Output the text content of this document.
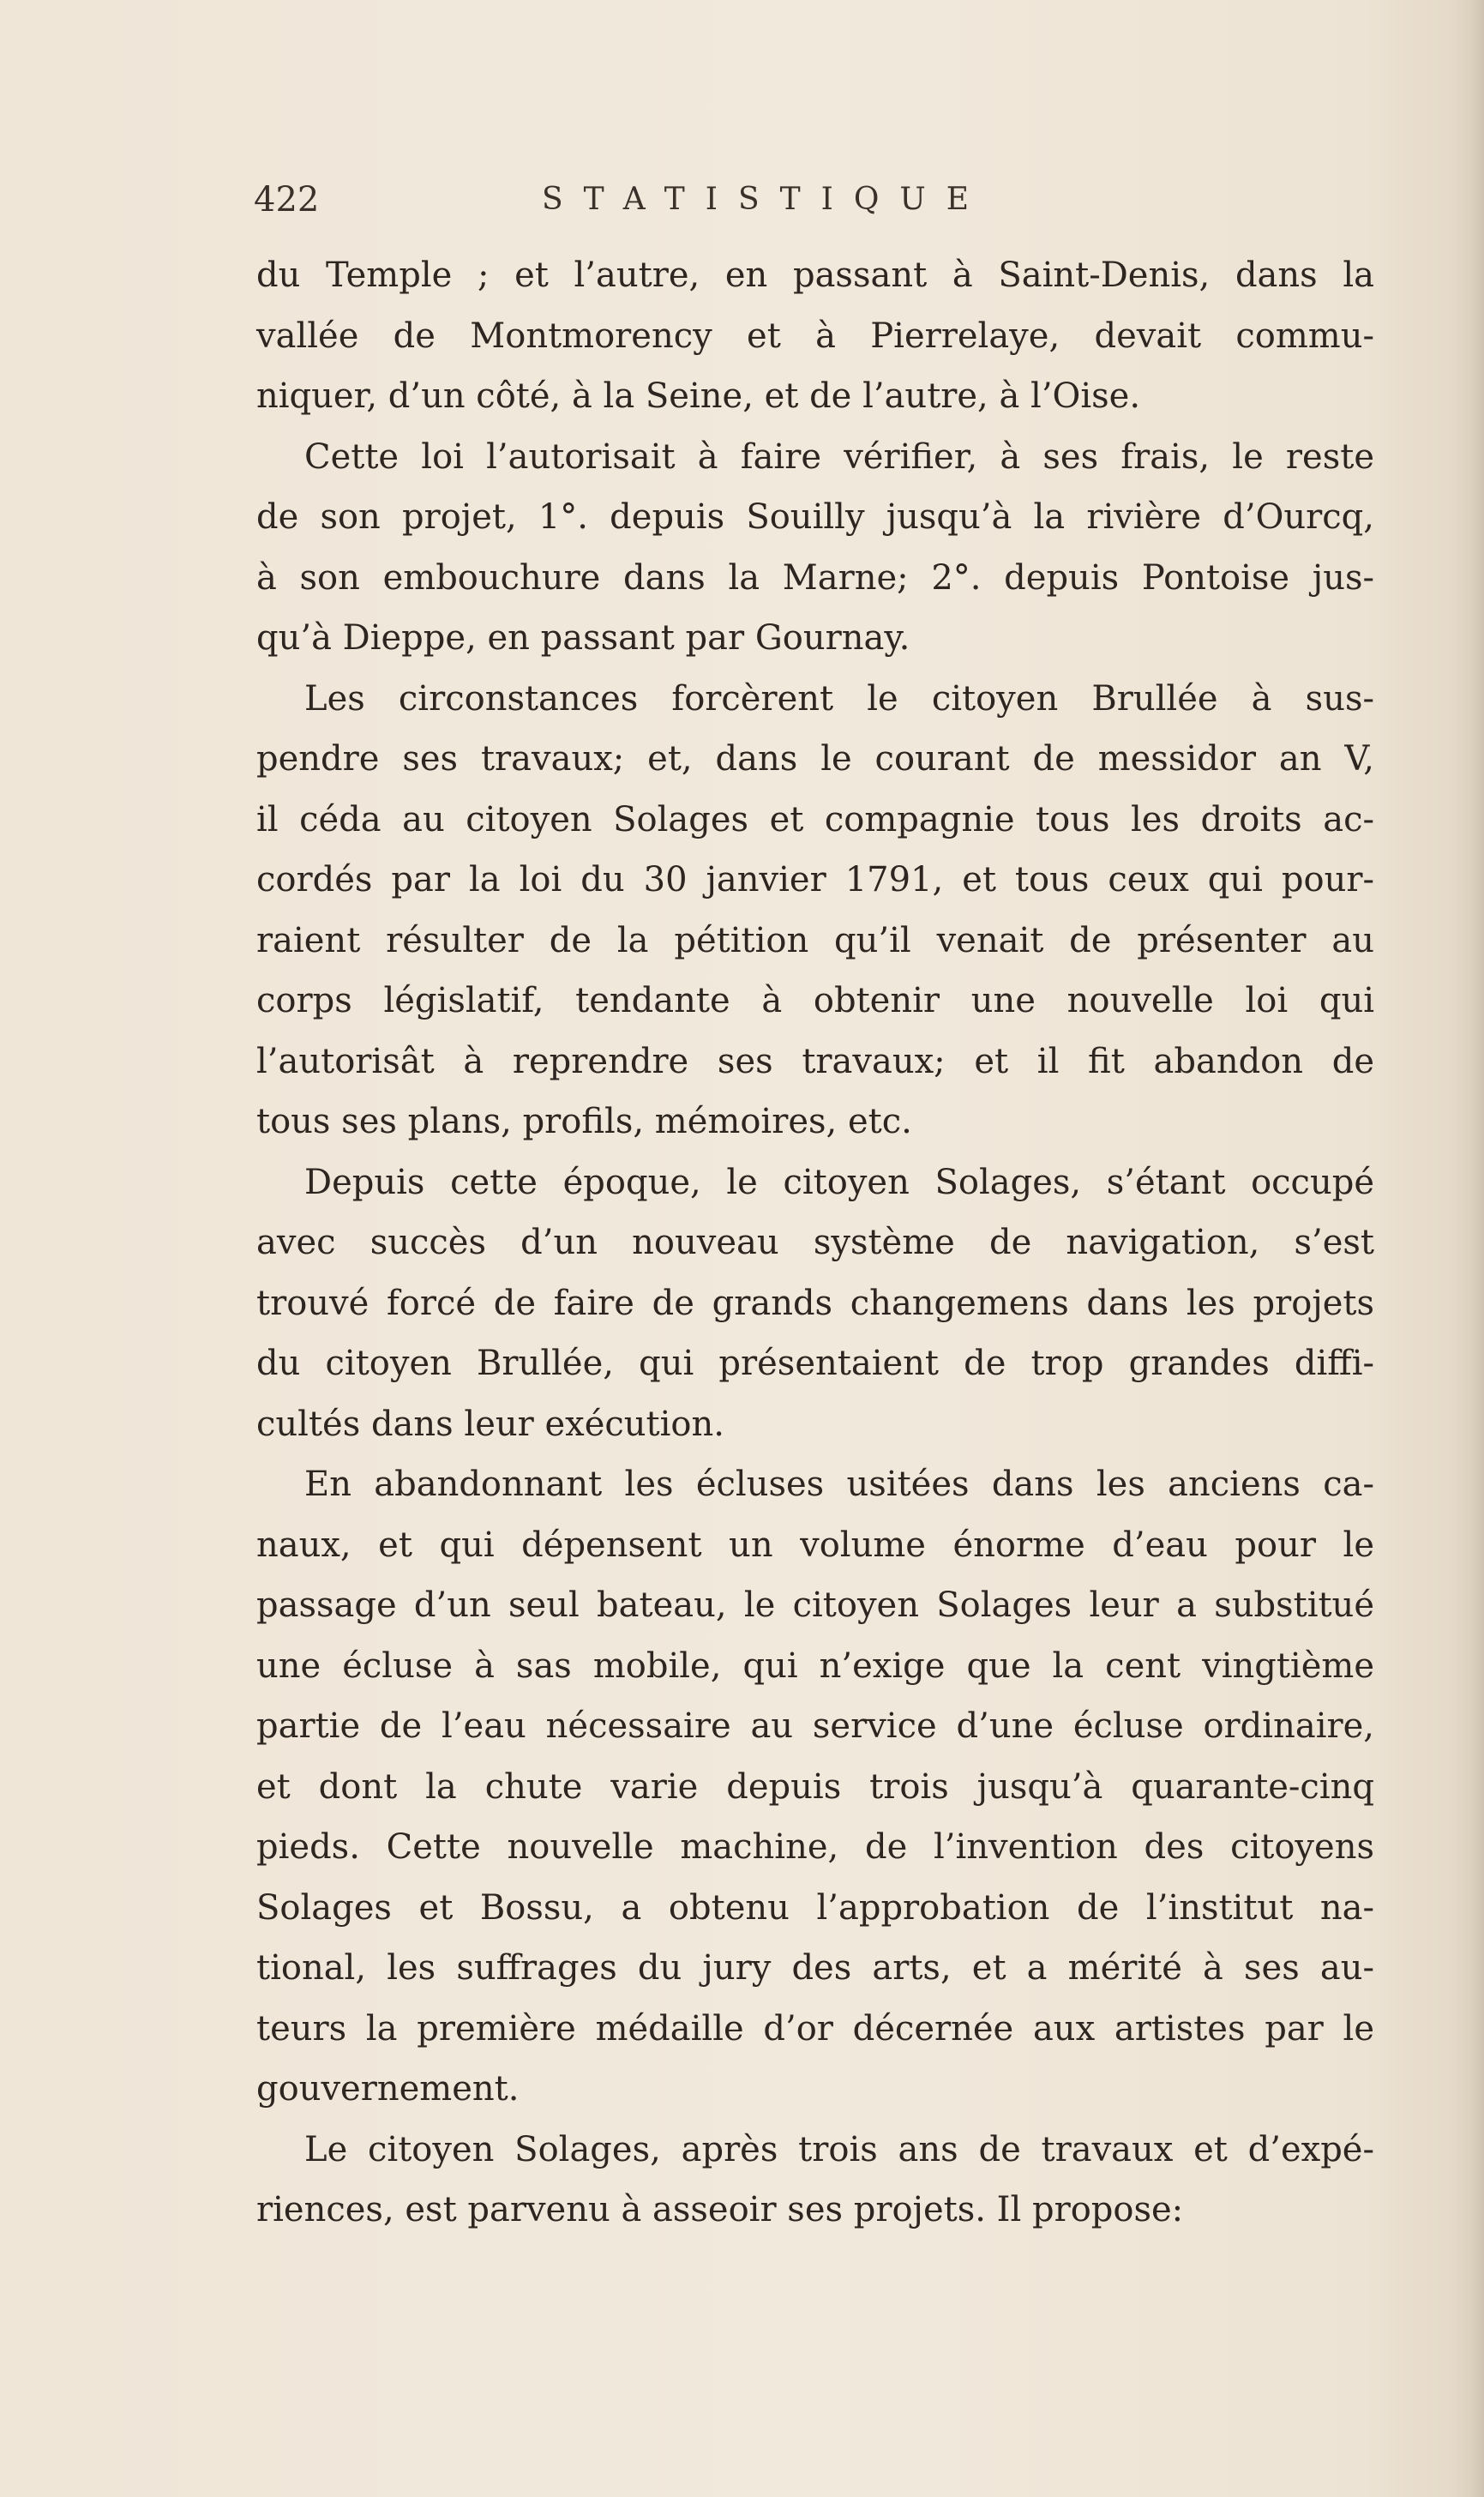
422	STATISTIQUE
du Temple ; et l’autre, en passant à Saint-Denis, dans la
vallée de Montmorency et à Pierrelaye, devait commu-
niquer, d’un côté, à la Seine, et de l’autre, à l’Oise.
Cette loi l’autorisait à faire vérifier, à ses frais, le reste
de son projet, 1°. depuis Souilly jusqu’à la rivière d’Ourcq,
à son embouchure dans la Marne; 2°. depuis Pontoise jus-
qu’à Dieppe, en passant par Gournay.
Les circonstances forcèrent le citoyen Brullée à sus-
pendre ses travaux; et, dans le courant de messidor an V,
il céda au citoyen Solages et compagnie tous les droits ac-
cordés par la loi du 30 janvier 1791, et tous ceux qui pour-
raient résulter de la pétition qu’il venait de présenter au
corps législatif, tendante à obtenir une nouvelle loi qui
l’autorisât à reprendre ses travaux; et il fit abandon de
tous ses plans, profils, mémoires, etc.
Depuis cette époque, le citoyen Solages, s’étant occupé
avec succès d’un nouveau système de navigation, s’est
trouvé forcé de faire de grands changemens dans les projets
du citoyen Brullée, qui présentaient de trop grandes diffi-
cultés dans leur exécution.
En abandonnant les écluses usitées dans les anciens ca-
naux, et qui dépensent un volume énorme d’eau pour le
passage d’un seul bateau, le citoyen Solages leur a substitué
une écluse à sas mobile, qui n’exige que la cent vingtième
partie de l’eau nécessaire au service d’une écluse ordinaire,
et dont la chute varie depuis trois jusqu’à quarante-cinq
pieds. Cette nouvelle machine, de l’invention des citoyens
Solages et Bossu, a obtenu l’approbation de l’institut na-
tional, les suffrages du jury des arts, et a mérité à ses au-
teurs la première médaille d’or décernée aux artistes par le
gouvernement.
Le citoyen Solages, après trois ans de travaux et d’expé-
riences, est parvenu à asseoir ses projets. Il propose:
